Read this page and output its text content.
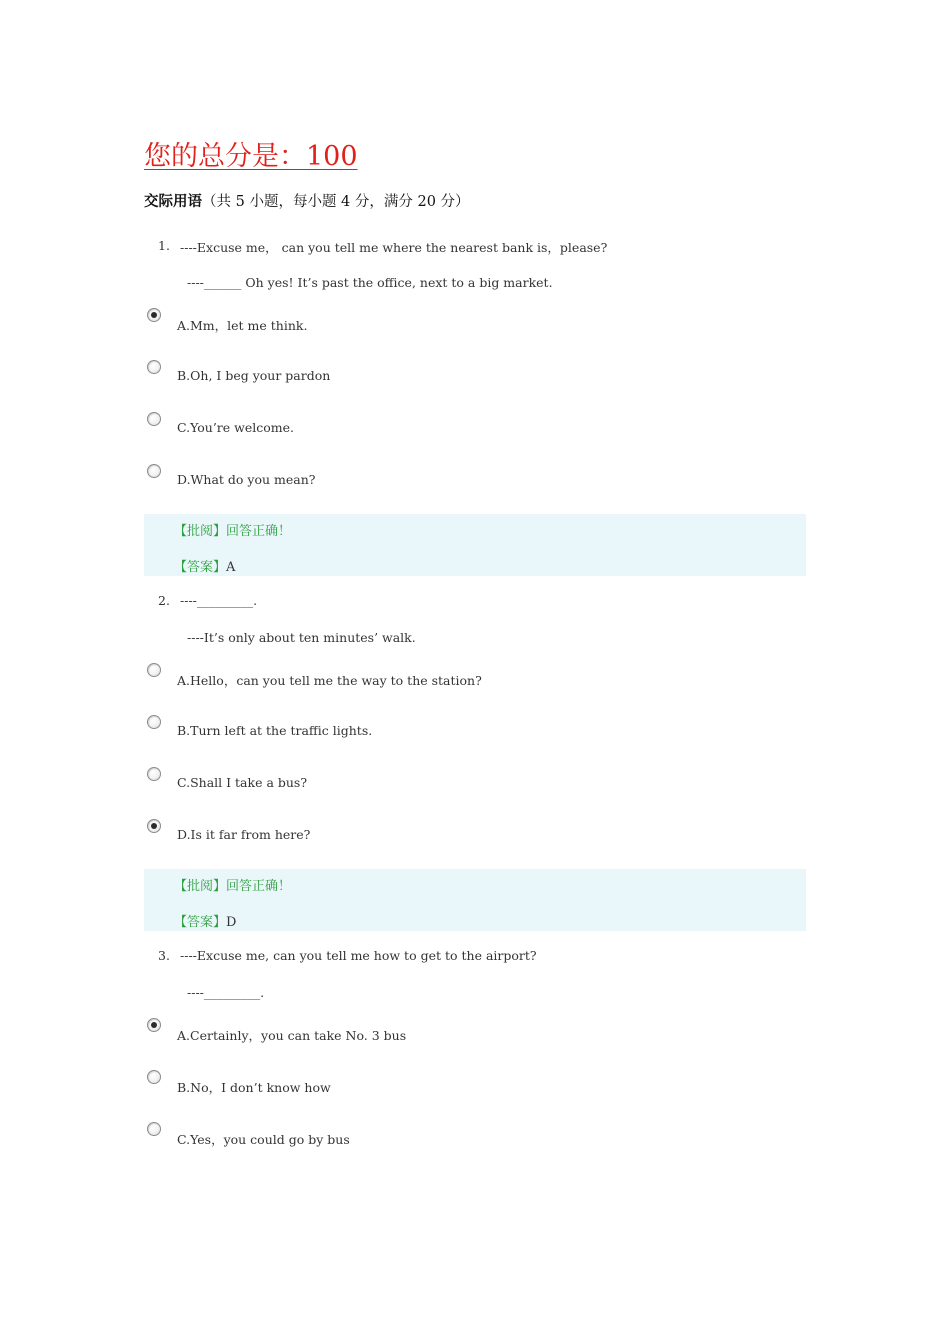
您的总分是：100
交际用语（共 5 小题，每小题 4 分，满分 20 分）
1. ----Excuse me， can you tell me where the nearest bank is，please?
----______ Oh yes! It’s past the office, next to a big market.
A.Mm，let me think.
B.Oh, I beg your pardon
C.You’re welcome.
D.What do you mean?
【批阅】回答正确！
【答案】A
2. ----_________.
----It’s only about ten minutes’ walk.
A.Hello，can you tell me the way to the station?
B.Turn left at the traffic lights.
C.Shall I take a bus?
D.Is it far from here?
【批阅】回答正确！
【答案】D
3. ----Excuse me, can you tell me how to get to the airport?
----_________.
A.Certainly，you can take No. 3 bus
B.No，I don’t know how
C.Yes，you could go by bus
